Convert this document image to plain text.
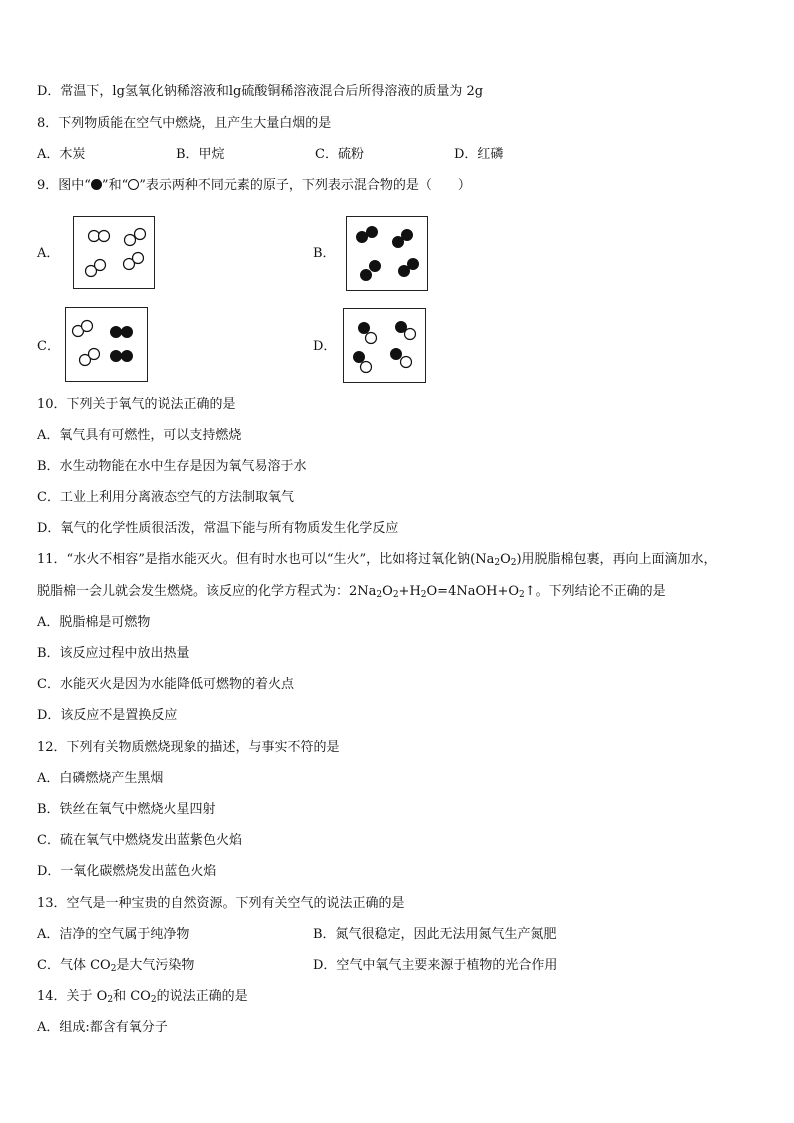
D．常温下，lg氢氧化钠稀溶液和lg硫酸铜稀溶液混合后所得溶液的质量为 2g
8．下列物质能在空气中燃烧，且产生大量白烟的是
A．木炭	B．甲烷	C．硫粉	D．红磷
9．图中“ ”和“ ”表示两种不同元素的原子，下列表示混合物的是（　　）
A．	B．
C．	D．
10．下列关于氧气的说法正确的是
A．氧气具有可燃性，可以支持燃烧
B．水生动物能在水中生存是因为氧气易溶于水
C．工业上利用分离液态空气的方法制取氧气
D．氧气的化学性质很活泼，常温下能与所有物质发生化学反应
11．“水火不相容”是指水能灭火。但有时水也可以“生火”，比如将过氧化钠$(Na_2O_2)$用脱脂棉包裹，再向上面滴加水，
脱脂棉一会儿就会发生燃烧。该反应的化学方程式为：$2Na_2O_2+H_2O=4NaOH+O_2↑$。下列结论不正确的是
A．脱脂棉是可燃物
B．该反应过程中放出热量
C．水能灭火是因为水能降低可燃物的着火点
D．该反应不是置换反应
12．下列有关物质燃烧现象的描述，与事实不符的是
A．白磷燃烧产生黑烟
B．铁丝在氧气中燃烧火星四射
C．硫在氧气中燃烧发出蓝紫色火焰
D．一氧化碳燃烧发出蓝色火焰
13．空气是一种宝贵的自然资源。下列有关空气的说法正确的是
A．洁净的空气属于纯净物	B．氮气很稳定，因此无法用氮气生产氮肥
C．气体 $CO_2$是大气污染物	D．空气中氧气主要来源于植物的光合作用
14．关于 $O_2$和 $CO_2$的说法正确的是
A．组成:都含有氧分子
